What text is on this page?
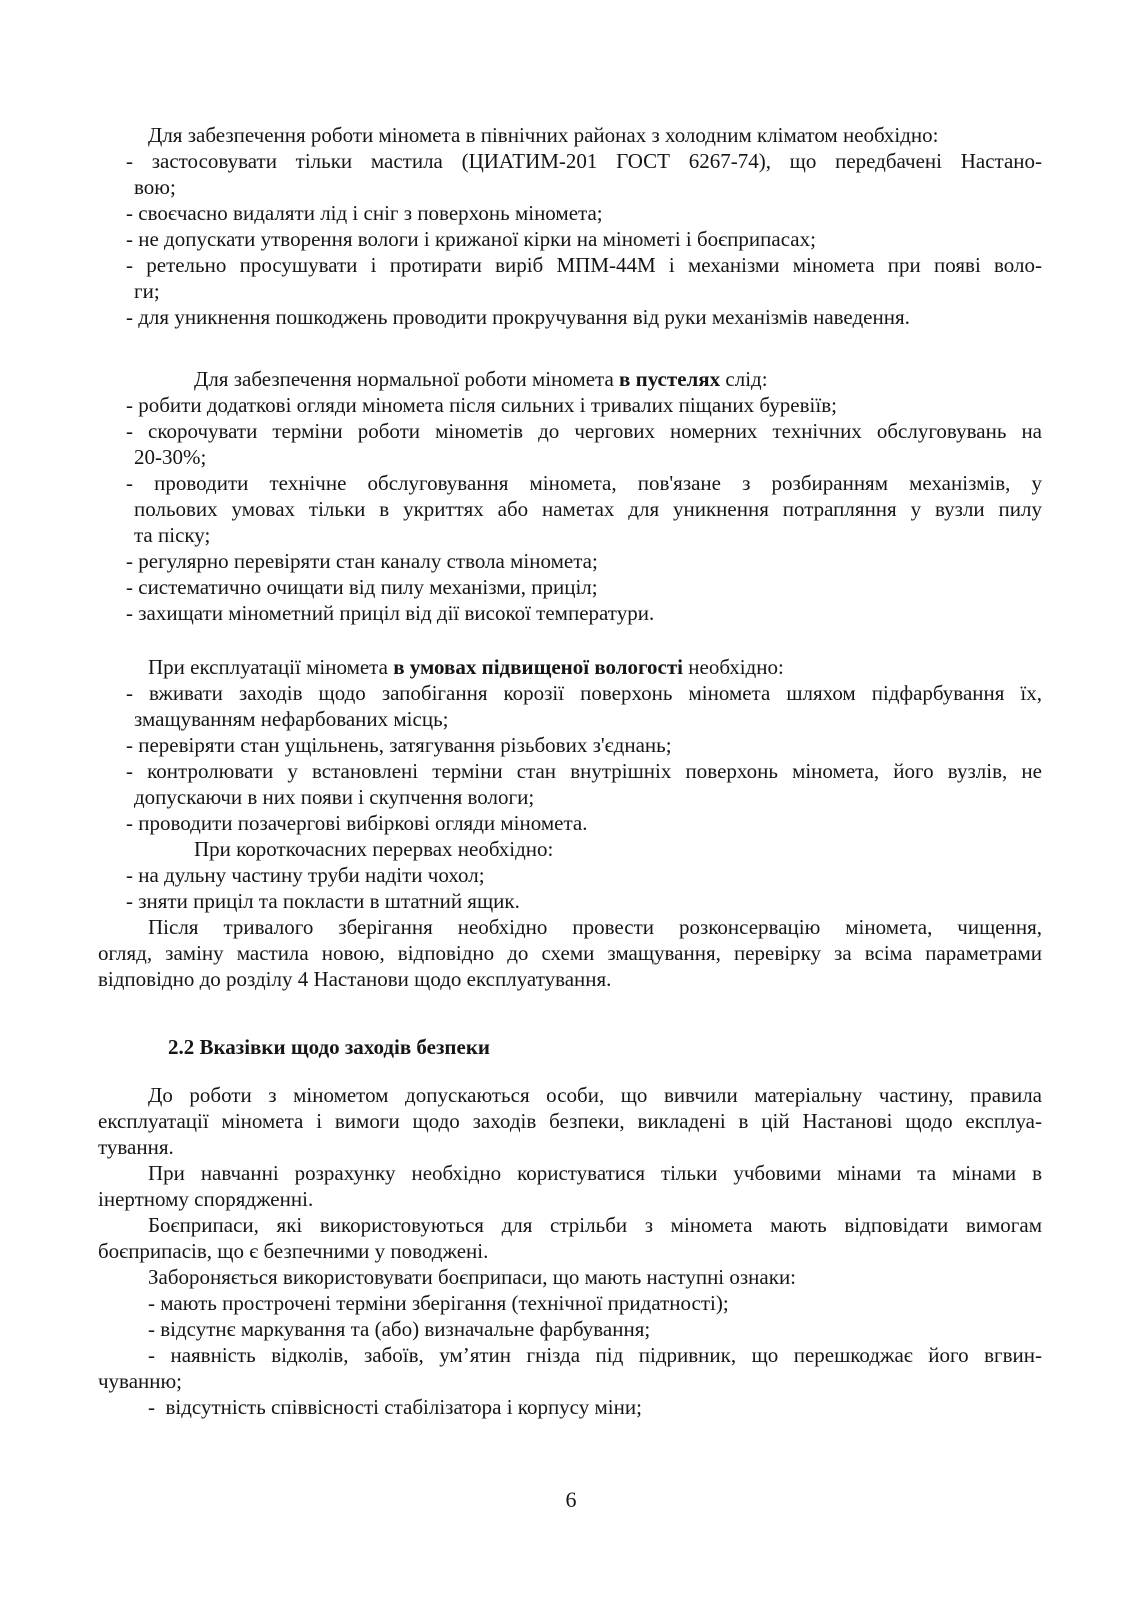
Для забезпечення роботи міномета в північних районах з холодним кліматом необхідно:
- застосовувати тільки мастила (ЦИАТИМ-201 ГОСТ 6267-74), що передбачені Настано-
вою;
- своєчасно видаляти лід і сніг з поверхонь міномета;
- не допускати утворення вологи і крижаної кірки на мінометі і боєприпасах;
- ретельно просушувати і протирати виріб МПМ-44М і механізми міномета при появі воло-
ги;
- для уникнення пошкоджень проводити прокручування від руки механізмів наведення.
Для забезпечення нормальної роботи міномета в пустелях слід:
- робити додаткові огляди міномета після сильних і тривалих піщаних буревіїв;
- скорочувати терміни роботи мінометів до чергових номерних технічних обслуговувань на
20-30%;
- проводити технічне обслуговування міномета, пов'язане з розбиранням механізмів, у
польових умовах тільки в укриттях або наметах для уникнення потрапляння у вузли пилу
та піску;
- регулярно перевіряти стан каналу ствола міномета;
- систематично очищати від пилу механізми, приціл;
- захищати мінометний приціл від дії високої температури.
При експлуатації міномета в умовах підвищеної вологості необхідно:
- вживати заходів щодо запобігання корозії поверхонь міномета шляхом підфарбування їх,
змащуванням нефарбованих місць;
- перевіряти стан ущільнень, затягування різьбових з'єднань;
- контролювати у встановлені терміни стан внутрішніх поверхонь міномета, його вузлів, не
допускаючи в них появи і скупчення вологи;
- проводити позачергові вибіркові огляди міномета.
При короткочасних перервах необхідно:
- на дульну частину труби надіти чохол;
- зняти приціл та покласти в штатний ящик.
Після тривалого зберігання необхідно провести розконсервацію міномета, чищення,
огляд, заміну мастила новою, відповідно до схеми змащування, перевірку за всіма параметрами
відповідно до розділу 4 Настанови щодо експлуатування.
2.2 Вказівки щодо заходів безпеки
До роботи з мінометом допускаються особи, що вивчили матеріальну частину, правила
експлуатації міномета і вимоги щодо заходів безпеки, викладені в цій Настанові щодо експлуа-
тування.
При навчанні розрахунку необхідно користуватися тільки учбовими мінами та мінами в
інертному спорядженні.
Боєприпаси, які використовуються для стрільби з міномета мають відповідати вимогам
боєприпасів, що є безпечними у поводжені.
Забороняється використовувати боєприпаси, що мають наступні ознаки:
- мають прострочені терміни зберігання (технічної придатності);
- відсутнє маркування та (або) визначальне фарбування;
- наявність відколів, забоїв, ум’ятин гнізда під підривник, що перешкоджає його вгвин-
чуванню;
-  відсутність співвісності стабілізатора і корпусу міни;
6
